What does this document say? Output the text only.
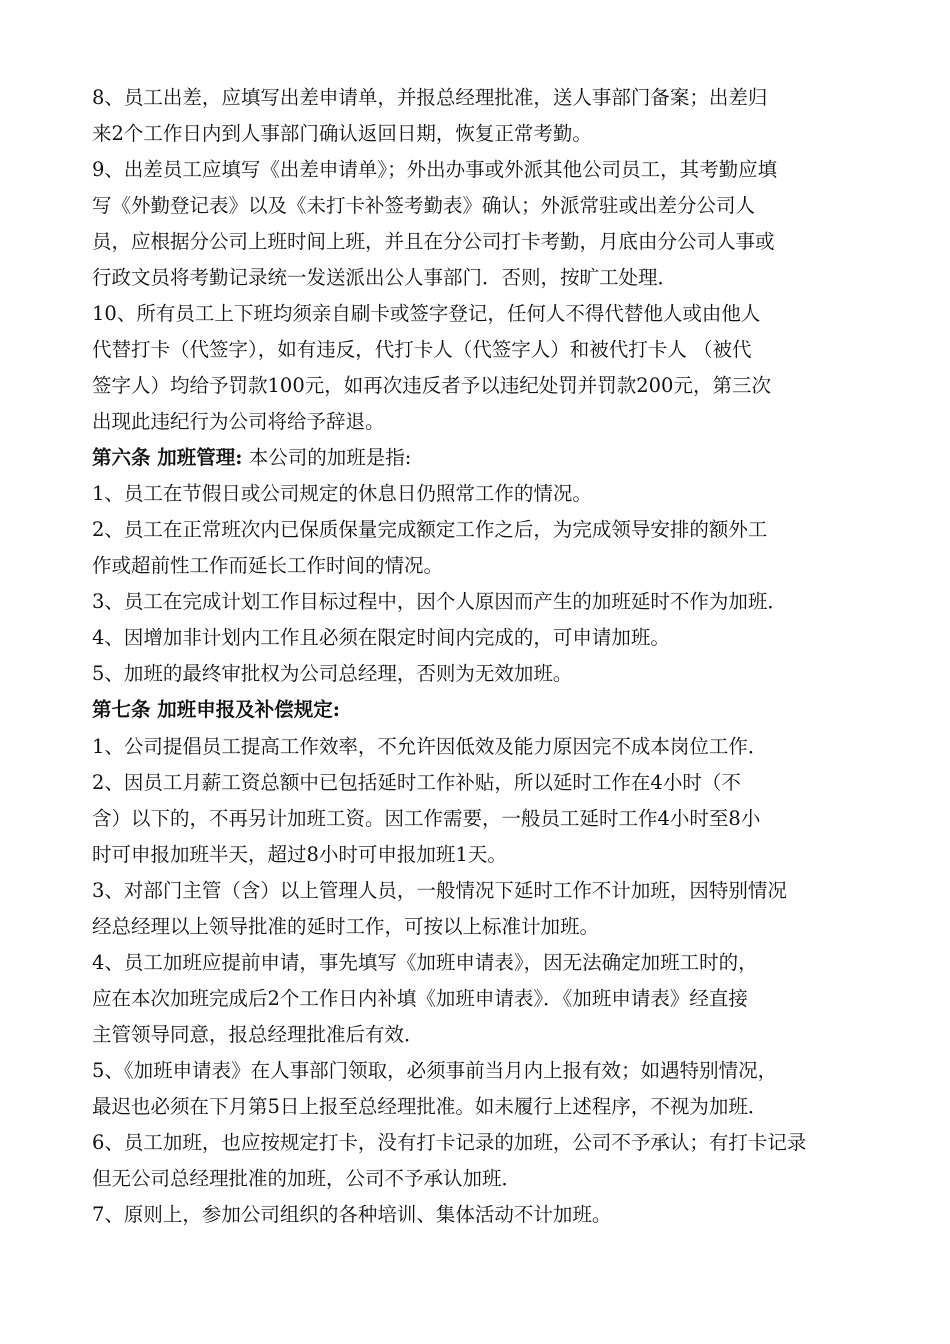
8、员工出差，应填写出差申请单，并报总经理批准，送人事部门备案；出差归
来2个工作日内到人事部门确认返回日期，恢复正常考勤。
9、出差员工应填写《出差申请单》；外出办事或外派其他公司员工，其考勤应填
写《外勤登记表》以及《未打卡补签考勤表》确认；外派常驻或出差分公司人
员，应根据分公司上班时间上班，并且在分公司打卡考勤，月底由分公司人事或
行政文员将考勤记录统一发送派出公人事部门．否则，按旷工处理．
10、所有员工上下班均须亲自刷卡或签字登记，任何人不得代替他人或由他人
代替打卡（代签字），如有违反，代打卡人（代签字人）和被代打卡人 （被代
签字人）均给予罚款100元，如再次违反者予以违纪处罚并罚款200元，第三次
出现此违纪行为公司将给予辞退。
第六条 加班管理: 本公司的加班是指:
1、员工在节假日或公司规定的休息日仍照常工作的情况。
2、员工在正常班次内已保质保量完成额定工作之后，为完成领导安排的额外工
作或超前性工作而延长工作时间的情况。
3、员工在完成计划工作目标过程中，因个人原因而产生的加班延时不作为加班．
4、因增加非计划内工作且必须在限定时间内完成的，可申请加班。
5、加班的最终审批权为公司总经理，否则为无效加班。
第七条 加班申报及补偿规定:
1、公司提倡员工提高工作效率，不允许因低效及能力原因完不成本岗位工作．
2、因员工月薪工资总额中已包括延时工作补贴，所以延时工作在4小时（不
含）以下的，不再另计加班工资。因工作需要，一般员工延时工作4小时至8小
时可申报加班半天，超过8小时可申报加班1天。
3、对部门主管（含）以上管理人员，一般情况下延时工作不计加班，因特别情况
经总经理以上领导批准的延时工作，可按以上标准计加班。
4、员工加班应提前申请，事先填写《加班申请表》，因无法确定加班工时的，
应在本次加班完成后2个工作日内补填《加班申请表》．《加班申请表》经直接
主管领导同意，报总经理批准后有效．
5、《加班申请表》在人事部门领取，必须事前当月内上报有效；如遇特别情况，
最迟也必须在下月第5日上报至总经理批准。如未履行上述程序，不视为加班．
6、员工加班，也应按规定打卡，没有打卡记录的加班，公司不予承认；有打卡记录
但无公司总经理批准的加班，公司不予承认加班．
7、原则上，参加公司组织的各种培训、集体活动不计加班。
